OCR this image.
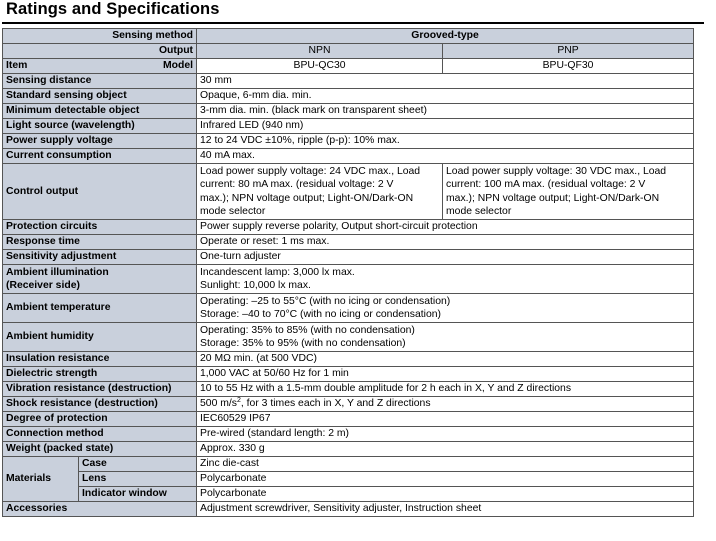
Ratings and Specifications
Sensing method		Grooved-type	
Output		NPN	PNP

Item Model		BPU-QC30	BPU-QF30
Sensing distance		30 mm	
Standard sensing object		Opaque, 6-mm dia. min.	
Minimum detectable object		3-mm dia. min. (black mark on transparent sheet)	
Light source (wavelength)		Infrared LED (940 nm)	
Power supply voltage		12 to 24 VDC ±10%, ripple (p-p): 10% max.	
Current consumption		40 mA max.	
Control output		Load power supply voltage: 24 VDC max., Load
current: 80 mA max. (residual voltage: 2 V
max.); NPN voltage output; Light-ON/Dark-ON
mode selector	Load power supply voltage: 30 VDC max., Load
current: 100 mA max. (residual voltage: 2 V
max.); NPN voltage output; Light-ON/Dark-ON
mode selector

Protection circuits		Power supply reverse polarity, Output short-circuit protection	
Response time		Operate or reset: 1 ms max.	
Sensitivity adjustment		One-turn adjuster	

Ambient illumination
(Receiver side)		Incandescent lamp: 3,000 lx max.
Sunlight: 10,000 lx max.	

Ambient temperature		Operating: –25 to 55°C (with no icing or condensation)
Storage: –40 to 70°C (with no icing or condensation)	

Ambient humidity		Operating: 35% to 85% (with no condensation)
Storage: 35% to 95% (with no condensation)	

Insulation resistance		20 MΩ min. (at 500 VDC)	
Dielectric strength		1,000 VAC at 50/60 Hz for 1 min	
Vibration resistance (destruction)		10 to 55 Hz with a 1.5-mm double amplitude for 2 h each in X, Y and Z directions	
Shock resistance (destruction)		500 $m/s^2$, for 3 times each in X, Y and Z directions	
Degree of protection		IEC60529 IP67	
Connection method		Pre-wired (standard length: 2 m)	
Weight (packed state)		Approx. 330 g	
Materials	Case	Zinc die-cast	
	Lens	Polycarbonate	
	Indicator window	Polycarbonate	
Accessories		Adjustment screwdriver, Sensitivity adjuster, Instruction sheet	
